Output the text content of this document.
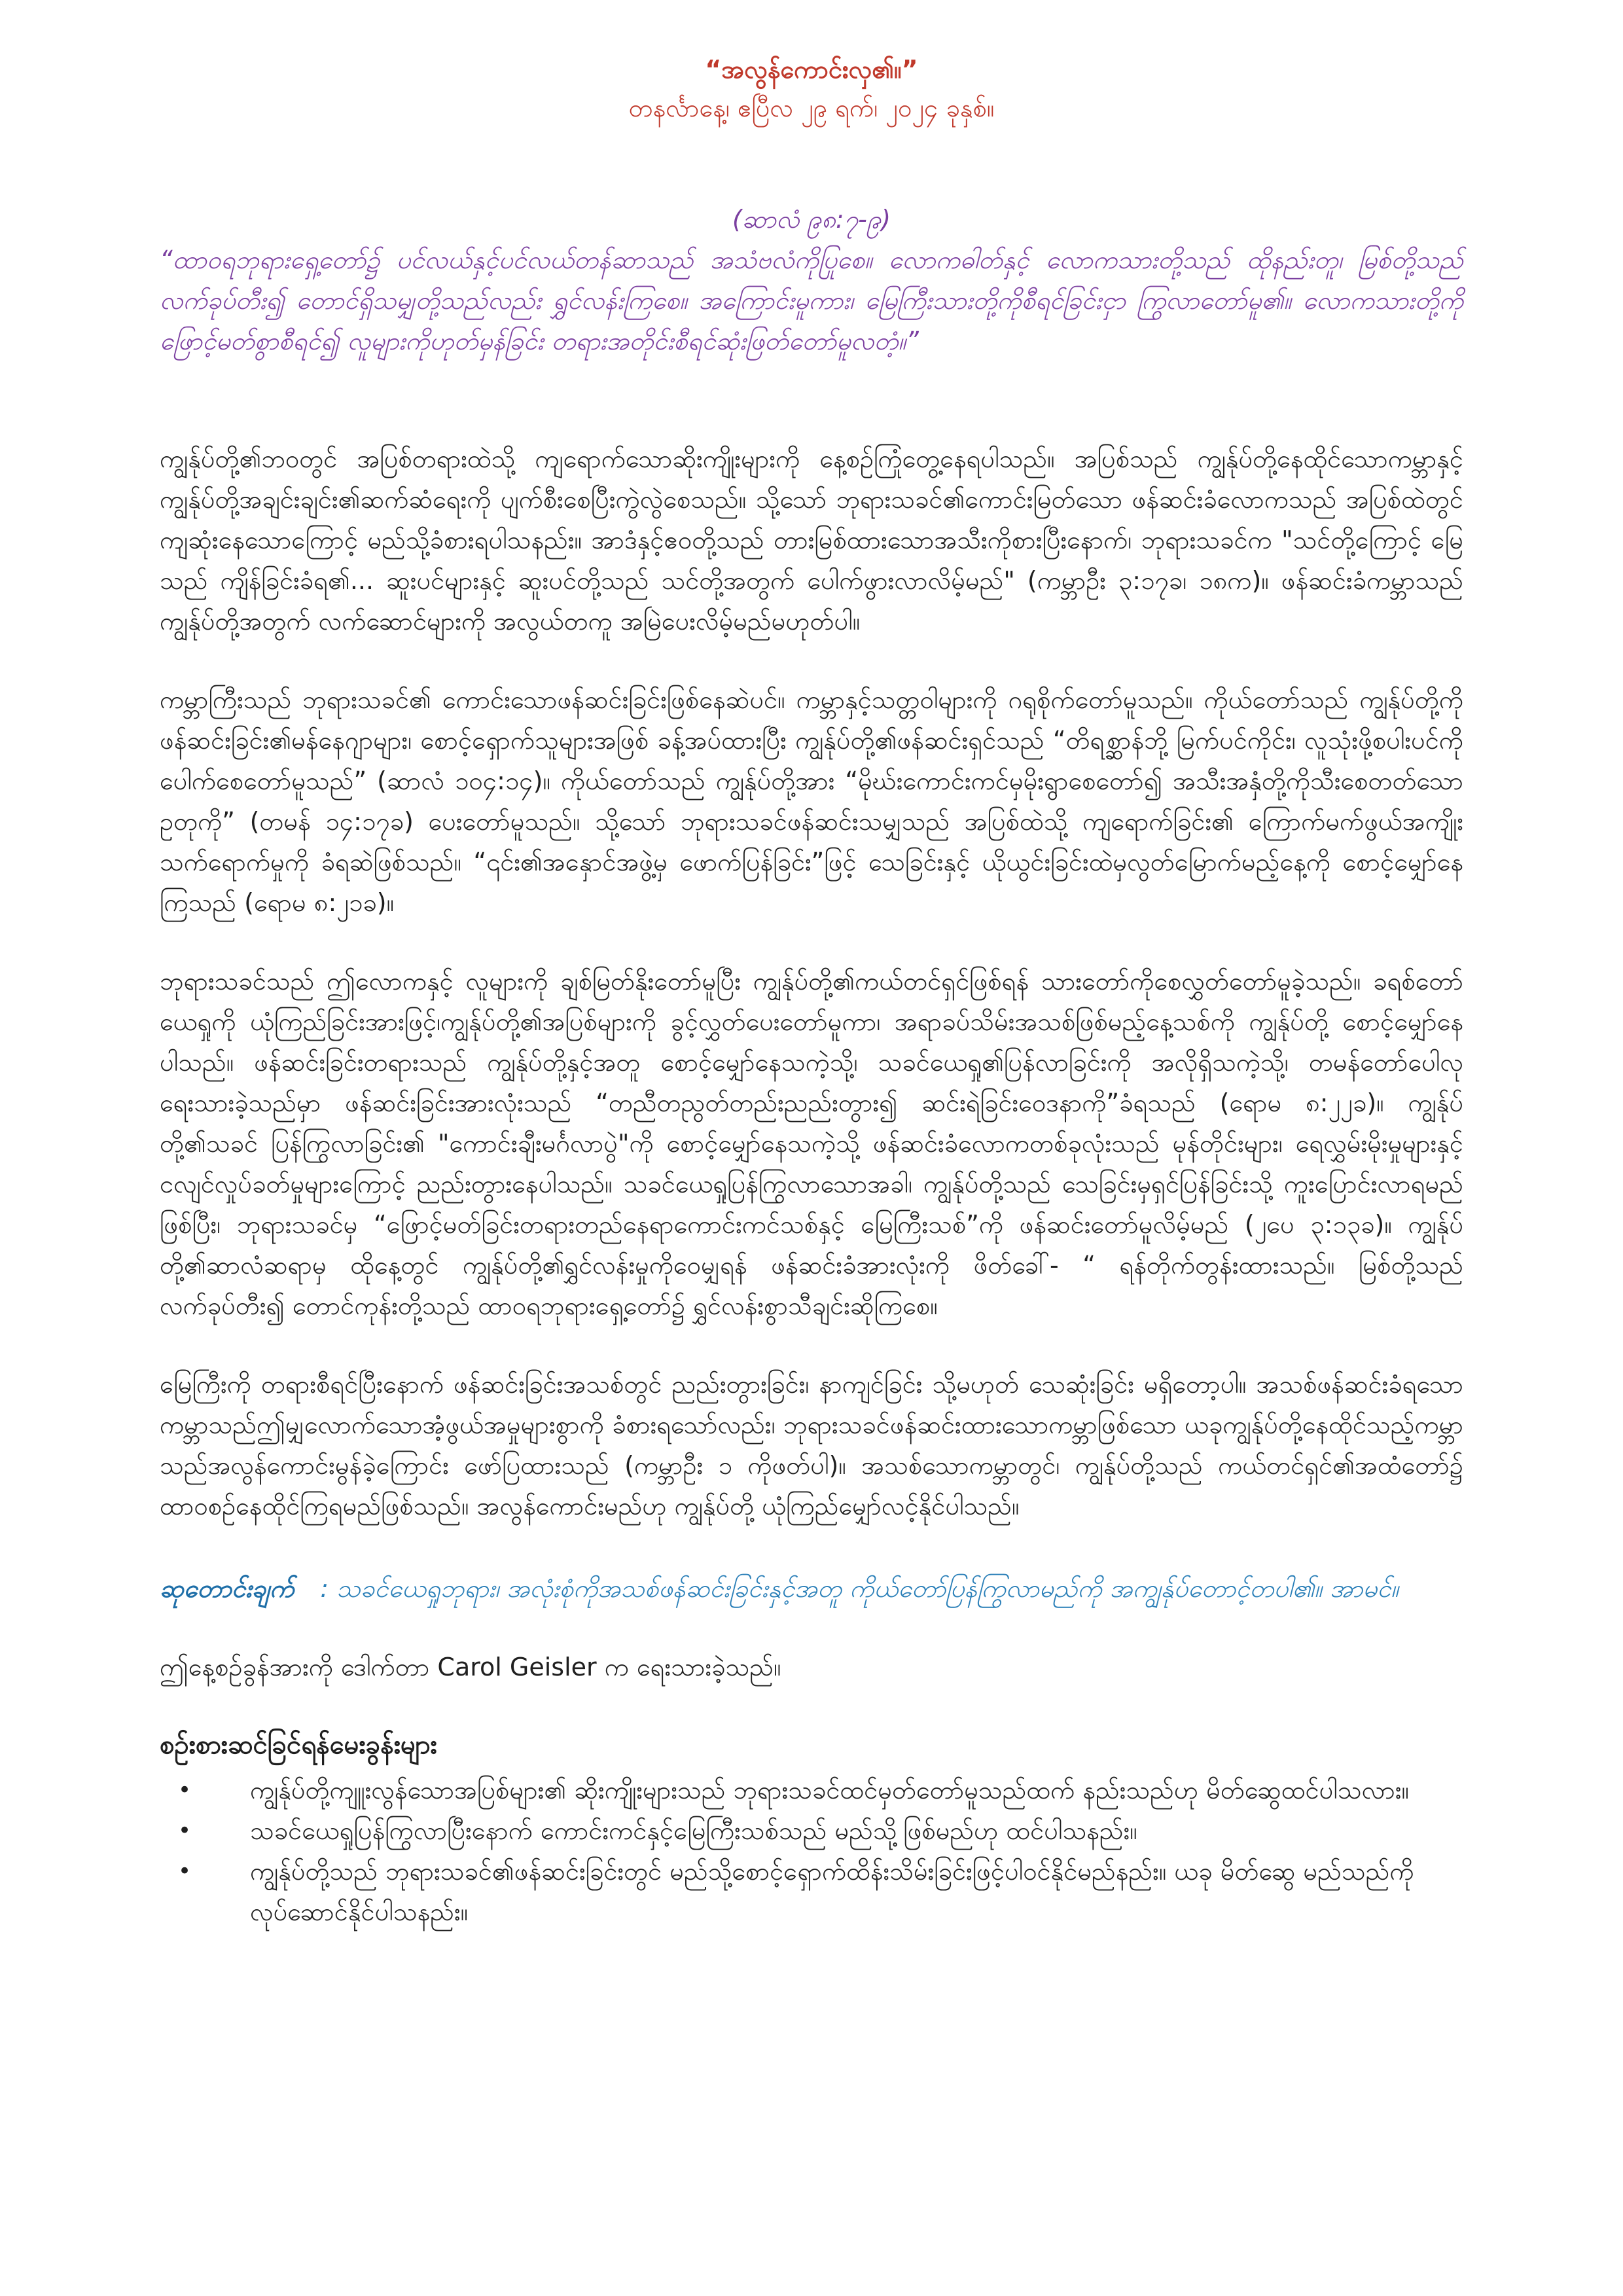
“အလွန်ကောင်းလှ၏။”

တနင်္လာနေ့၊ ဧပြီလ ၂၉ ရက်၊ ၂၀၂၄ ခုနှစ်။

(ဆာလံ ၉၈:၇-၉)

“ထာဝရဘုရားရှေ့တော်၌ ပင်လယ်နှင့်ပင်လယ်တန်ဆာသည် အသံဗလံကိုပြုစေ။ လောကဓါတ်နှင့် လောကသားတို့သည် ထိုနည်းတူ၊ မြစ်တို့သည် လက်ခုပ်တီး၍ တောင်ရှိသမျှတို့သည်လည်း ရွှင်လန်းကြစေ။ အကြောင်းမူကား၊ မြေကြီးသားတို့ကိုစီရင်ခြင်းငှာ ကြွလာတော်မူ၏။ လောကသားတို့ကို ဖြောင့်မတ်စွာစီရင်၍ လူများကိုဟုတ်မှန်ခြင်း တရားအတိုင်းစီရင်ဆုံးဖြတ်တော်မူလတံ့။”

ကျွန်ုပ်တို့၏ဘဝတွင် အပြစ်တရားထဲသို့ ကျရောက်သောဆိုးကျိုးများကို နေ့စဉ်ကြုံတွေ့နေရပါသည်။ အပြစ်သည် ကျွန်ုပ်တို့နေထိုင်သောကမ္ဘာနှင့် ကျွန်ုပ်တို့အချင်းချင်း၏ဆက်ဆံရေးကို ပျက်စီးစေပြီးကွဲလွဲစေသည်။ သို့သော် ဘုရားသခင်၏ကောင်းမြတ်သော ဖန်ဆင်းခံလောကသည် အပြစ်ထဲတွင် ကျဆုံးနေသောကြောင့် မည်သို့ခံစားရပါသနည်း။ အာဒံနှင့်ဧဝတို့သည် တားမြစ်ထားသောအသီးကိုစားပြီးနောက်၊ ဘုရားသခင်က "သင်တို့ကြောင့် မြေသည် ကျိန်ခြင်းခံရ၏... ဆူးပင်များနှင့် ဆူးပင်တို့သည် သင်တို့အတွက် ပေါက်ဖွားလာလိမ့်မည်" (ကမ္ဘာဦး ၃:၁၇ခ၊ ၁၈က)။ ဖန်ဆင်းခံကမ္ဘာသည် ကျွန်ုပ်တို့အတွက် လက်ဆောင်များကို အလွယ်တကူ အမြဲပေးလိမ့်မည်မဟုတ်ပါ။

ကမ္ဘာကြီးသည် ဘုရားသခင်၏ ကောင်းသောဖန်ဆင်းခြင်းဖြစ်နေဆဲပင်။ ကမ္ဘာနှင့်သတ္တဝါများကို ဂရုစိုက်တော်မူသည်။ ကိုယ်တော်သည် ကျွန်ုပ်တို့ကို ဖန်ဆင်းခြင်း၏မန်နေဂျာများ၊ စောင့်ရှောက်သူများအဖြစ် ခန့်အပ်ထားပြီး ကျွန်ုပ်တို့၏ဖန်ဆင်းရှင်သည် “တိရစ္ဆာန်ဘို့ မြက်ပင်ကိုင်း၊ လူသုံးဖို့စပါးပင်ကို ပေါက်စေတော်မူသည်” (ဆာလံ ၁၀၄:၁၄)။ ကိုယ်တော်သည် ကျွန်ုပ်တို့အား “မိုဃ်းကောင်းကင်မှမိုးရွာစေတော်၍ အသီးအနှံတို့ကိုသီးစေတတ်သောဥတုကို” (တမန် ၁၄:၁၇ခ) ပေးတော်မူသည်။ သို့သော် ဘုရားသခင်ဖန်ဆင်းသမျှသည် အပြစ်ထဲသို့ ကျရောက်ခြင်း၏ ကြောက်မက်ဖွယ်အကျိုးသက်ရောက်မှုကို ခံရဆဲဖြစ်သည်။ “၎င်း၏အနှောင်အဖွဲ့မှ ဖောက်ပြန်ခြင်း”ဖြင့် သေခြင်းနှင့် ယိုယွင်းခြင်းထဲမှလွတ်မြောက်မည့်နေ့ကို စောင့်မျှော်နေကြသည် (ရောမ ၈:၂၁ခ)။

ဘုရားသခင်သည် ဤလောကနှင့် လူများကို ချစ်မြတ်နိုးတော်မူပြီး ကျွန်ုပ်တို့၏ကယ်တင်ရှင်ဖြစ်ရန် သားတော်ကိုစေလွှတ်တော်မူခဲ့သည်။ ခရစ်တော်ယေရှုကို ယုံကြည်ခြင်းအားဖြင့်၊ကျွန်ုပ်တို့၏အပြစ်များကို ခွင့်လွှတ်ပေးတော်မူကာ၊ အရာခပ်သိမ်းအသစ်ဖြစ်မည့်နေ့သစ်ကို ကျွန်ုပ်တို့ စောင့်မျှော်နေပါသည်။ ဖန်ဆင်းခြင်းတရားသည် ကျွန်ုပ်တို့နှင့်အတူ စောင့်မျှော်နေသကဲ့သို့၊ သခင်ယေရှု၏ပြန်လာခြင်းကို အလိုရှိသကဲ့သို့၊ တမန်တော်ပေါလု ရေးသားခဲ့သည်မှာ ဖန်ဆင်းခြင်းအားလုံးသည် “တညီတညွတ်တည်းညည်းတွား၍ ဆင်းရဲခြင်းဝေဒနာကို”ခံရသည် (ရောမ ၈:၂၂ခ)။ ကျွန်ုပ်တို့၏သခင် ပြန်ကြွလာခြင်း၏ "ကောင်းချီးမင်္ဂလာပွဲ"ကို စောင့်မျှော်နေသကဲ့သို့ ဖန်ဆင်းခံလောကတစ်ခုလုံးသည် မုန်တိုင်းများ၊ ရေလွှမ်းမိုးမှုများနှင့် ငလျင်လှုပ်ခတ်မှုများကြောင့် ညည်းတွားနေပါသည်။ သခင်ယေရှုပြန်ကြွလာသောအခါ၊ ကျွန်ုပ်တို့သည် သေခြင်းမှရှင်ပြန်ခြင်းသို့ ကူးပြောင်းလာရမည်ဖြစ်ပြီး၊ ဘုရားသခင်မှ “ဖြောင့်မတ်ခြင်းတရားတည်နေရာကောင်းကင်သစ်နှင့် မြေကြီးသစ်”ကို ဖန်ဆင်းတော်မူလိမ့်မည် (၂ပေ ၃:၁၃ခ)။ ကျွန်ုပ်တို့၏ဆာလံဆရာမှ ထိုနေ့တွင် ကျွန်ုပ်တို့၏ရွှင်လန်းမှုကိုဝေမျှရန် ဖန်ဆင်းခံအားလုံးကို ဖိတ်ခေါ်- “ ရန်တိုက်တွန်းထားသည်။ မြစ်တို့သည် လက်ခုပ်တီး၍ တောင်ကုန်းတို့သည် ထာဝရဘုရားရှေ့တော်၌ ရွှင်လန်းစွာသီချင်းဆိုကြစေ။

မြေကြီးကို တရားစီရင်ပြီးနောက် ဖန်ဆင်းခြင်းအသစ်တွင် ညည်းတွားခြင်း၊ နာကျင်ခြင်း သို့မဟုတ် သေဆုံးခြင်း မရှိတော့ပါ။ အသစ်ဖန်ဆင်းခံရသောကမ္ဘာသည်ဤမျှလောက်သောအံ့ဖွယ်အမှုများစွာကို ခံစားရသော်လည်း၊ ဘုရားသခင်ဖန်ဆင်းထားသောကမ္ဘာဖြစ်သော ယခုကျွန်ုပ်တို့နေထိုင်သည့်ကမ္ဘာသည်အလွန်ကောင်းမွန်ခဲ့ကြောင်း ဖော်ပြထားသည် (ကမ္ဘာဦး ၁ ကိုဖတ်ပါ)။ အသစ်သောကမ္ဘာတွင်၊ ကျွန်ုပ်တို့သည် ကယ်တင်ရှင်၏အထံတော်၌ ထာဝစဉ်နေထိုင်ကြရမည်ဖြစ်သည်။ အလွန်ကောင်းမည်ဟု ကျွန်ုပ်တို့ ယုံကြည်မျှော်လင့်နိုင်ပါသည်။

ဆုတောင်းချက် : သခင်ယေရှုဘုရား၊ အလုံးစုံကိုအသစ်ဖန်ဆင်းခြင်းနှင့်အတူ ကိုယ်တော်ပြန်ကြွလာမည်ကို အကျွန်ုပ်တောင့်တပါ၏။ အာမင်။

ဤနေ့စဉ်ခွန်အားကို ဒေါက်တာ Carol Geisler က ရေးသားခဲ့သည်။

စဉ်းစားဆင်ခြင်ရန်မေးခွန်းများ
• ကျွန်ုပ်တို့ကျူးလွန်သောအပြစ်များ၏ ဆိုးကျိုးများသည် ဘုရားသခင်ထင်မှတ်တော်မူသည်ထက် နည်းသည်ဟု မိတ်ဆွေထင်ပါသလား။
• သခင်ယေရှုပြန်ကြွလာပြီးနောက် ကောင်းကင်နှင့်မြေကြီးသစ်သည် မည်သို့ဖြစ်မည်ဟု ထင်ပါသနည်း။
• ကျွန်ုပ်တို့သည် ဘုရားသခင်၏ဖန်ဆင်းခြင်းတွင် မည်သို့စောင့်ရှောက်ထိန်းသိမ်းခြင်းဖြင့်ပါဝင်နိုင်မည်နည်း။ ယခု မိတ်ဆွေ မည်သည်ကို လုပ်ဆောင်နိုင်ပါသနည်း။
